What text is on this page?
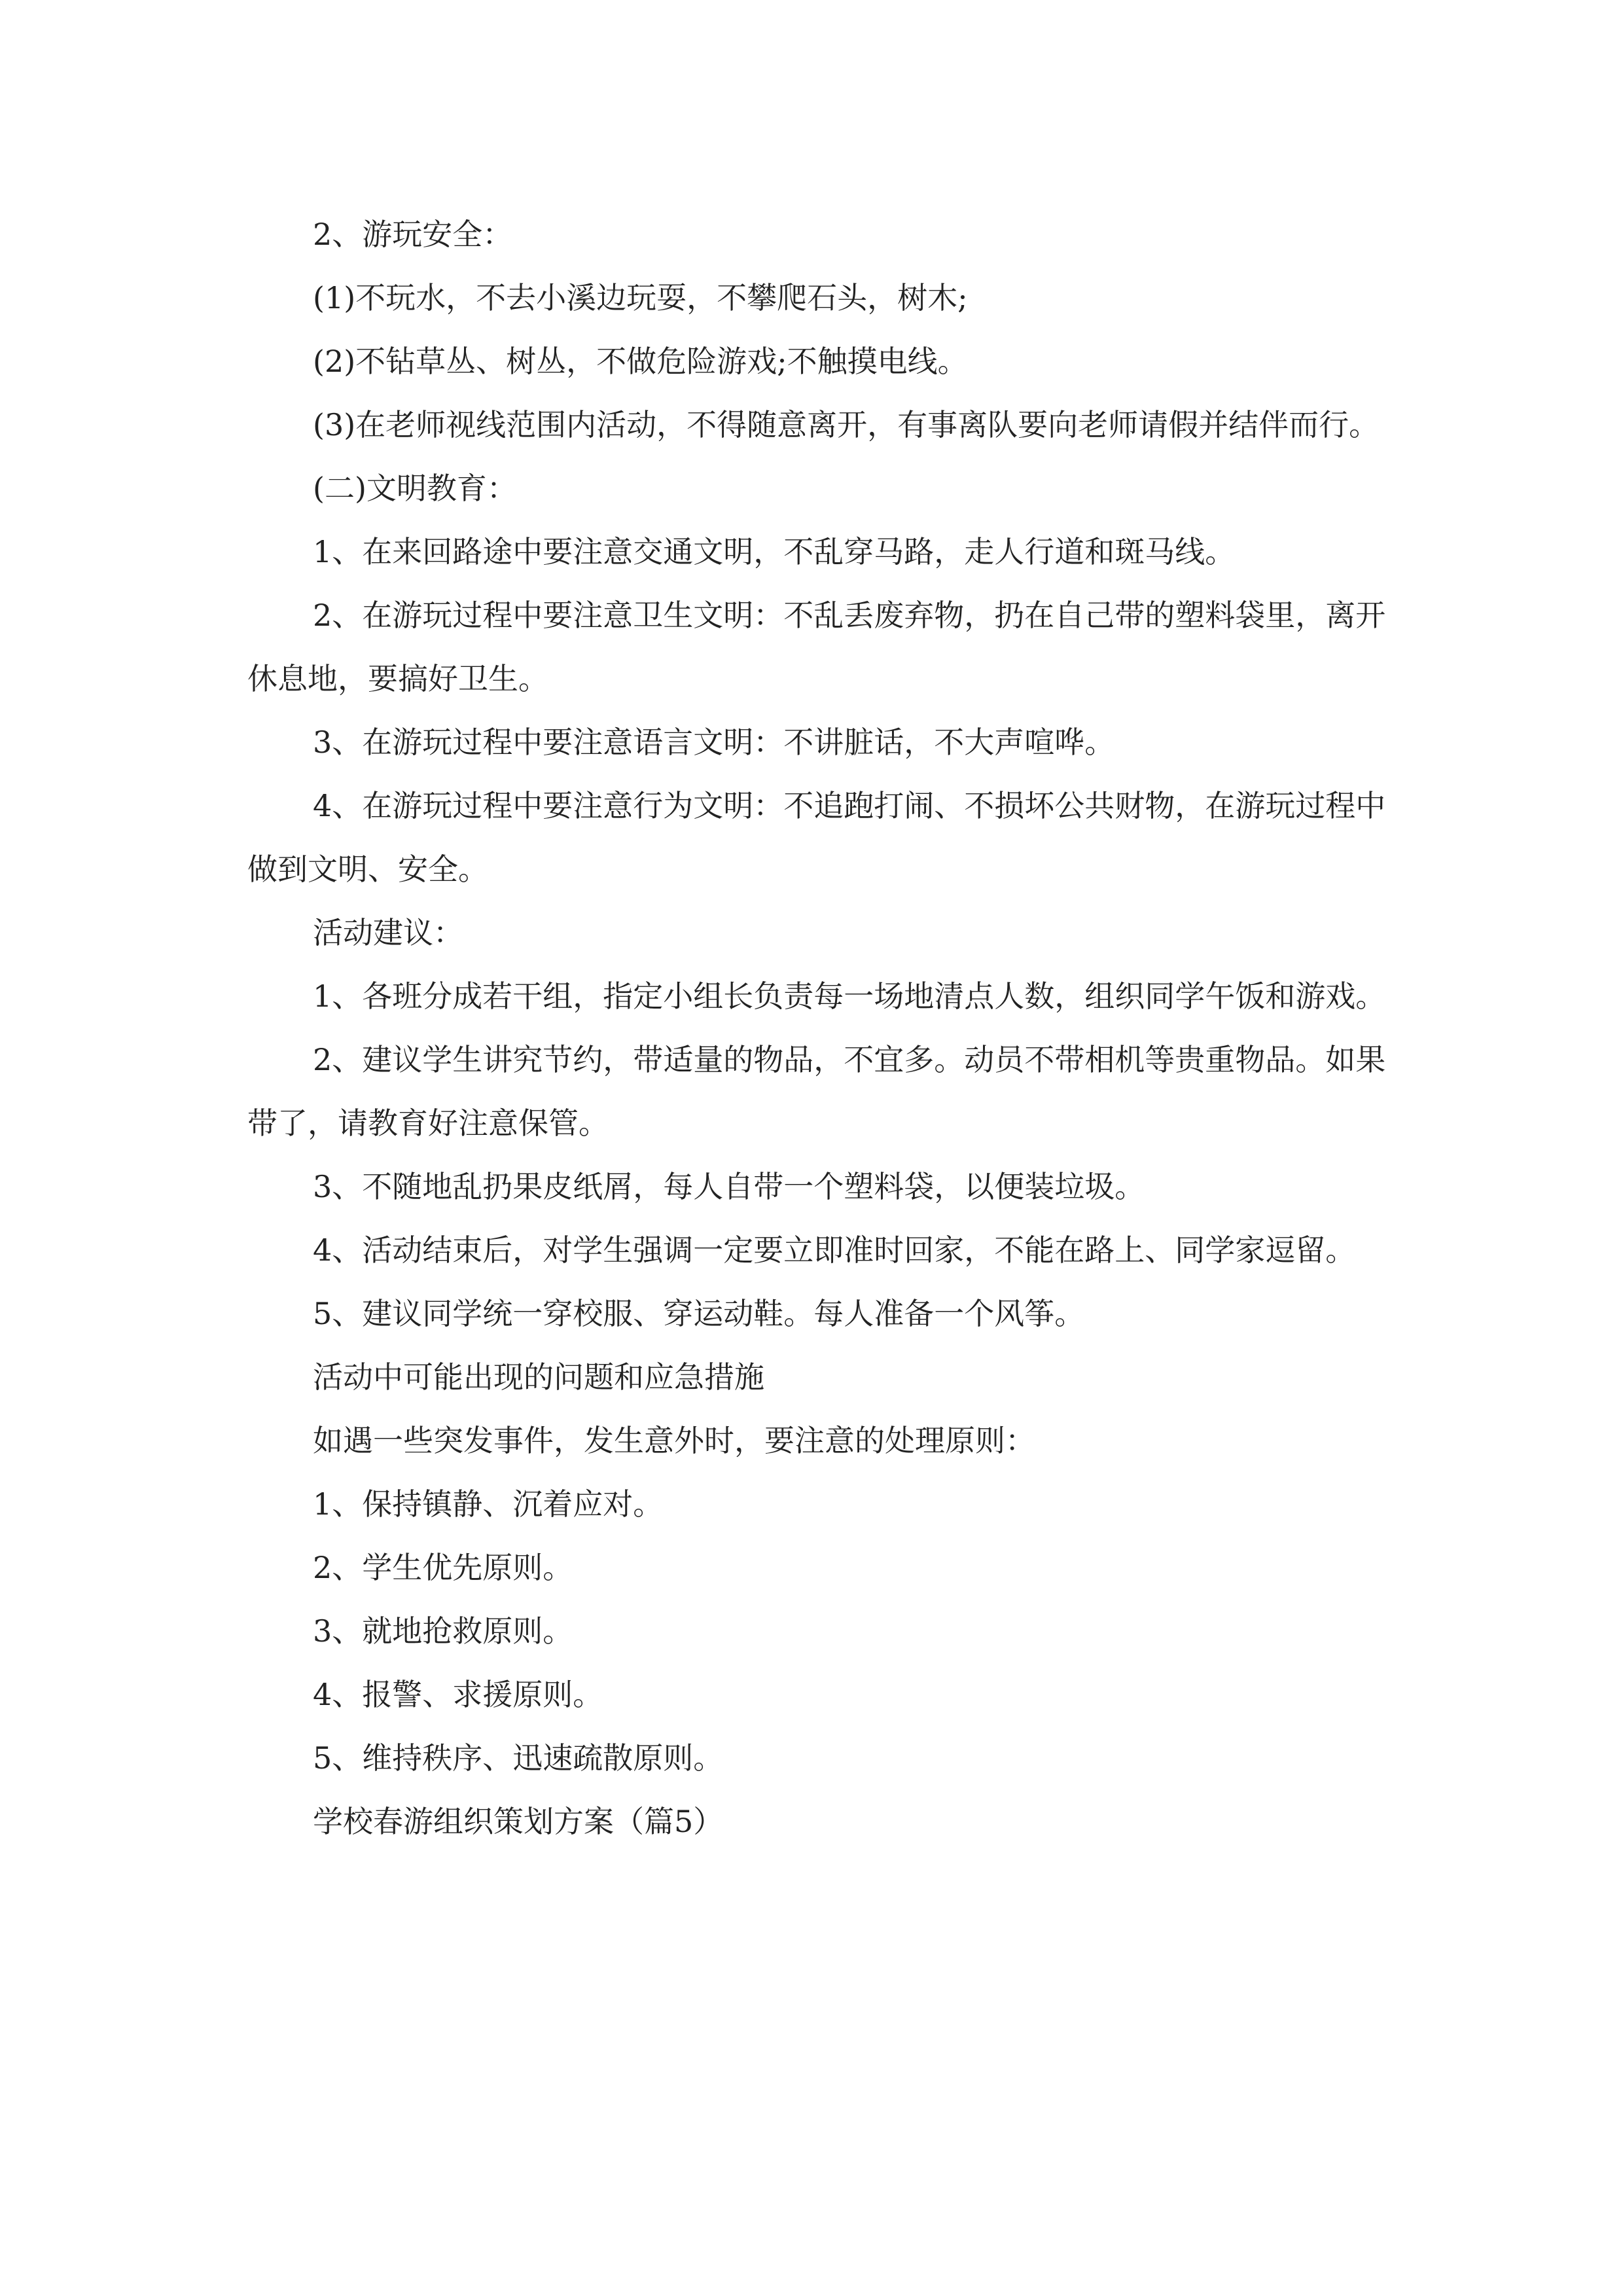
2、游玩安全：

(1)不玩水，不去小溪边玩耍，不攀爬石头，树木;

(2)不钻草丛、树丛，不做危险游戏;不触摸电线。

(3)在老师视线范围内活动，不得随意离开，有事离队要向老师请假并结伴而行。

(二)文明教育：

1、在来回路途中要注意交通文明，不乱穿马路，走人行道和斑马线。

2、在游玩过程中要注意卫生文明：不乱丢废弃物，扔在自己带的塑料袋里，离开休息地，要搞好卫生。

3、在游玩过程中要注意语言文明：不讲脏话，不大声喧哗。

4、在游玩过程中要注意行为文明：不追跑打闹、不损坏公共财物，在游玩过程中做到文明、安全。

活动建议：

1、各班分成若干组，指定小组长负责每一场地清点人数，组织同学午饭和游戏。

2、建议学生讲究节约，带适量的物品，不宜多。动员不带相机等贵重物品。如果带了，请教育好注意保管。

3、不随地乱扔果皮纸屑，每人自带一个塑料袋，以便装垃圾。

4、活动结束后，对学生强调一定要立即准时回家，不能在路上、同学家逗留。

5、建议同学统一穿校服、穿运动鞋。每人准备一个风筝。

活动中可能出现的问题和应急措施

如遇一些突发事件，发生意外时，要注意的处理原则：

1、保持镇静、沉着应对。

2、学生优先原则。

3、就地抢救原则。

4、报警、求援原则。

5、维持秩序、迅速疏散原则。

学校春游组织策划方案（篇5）
